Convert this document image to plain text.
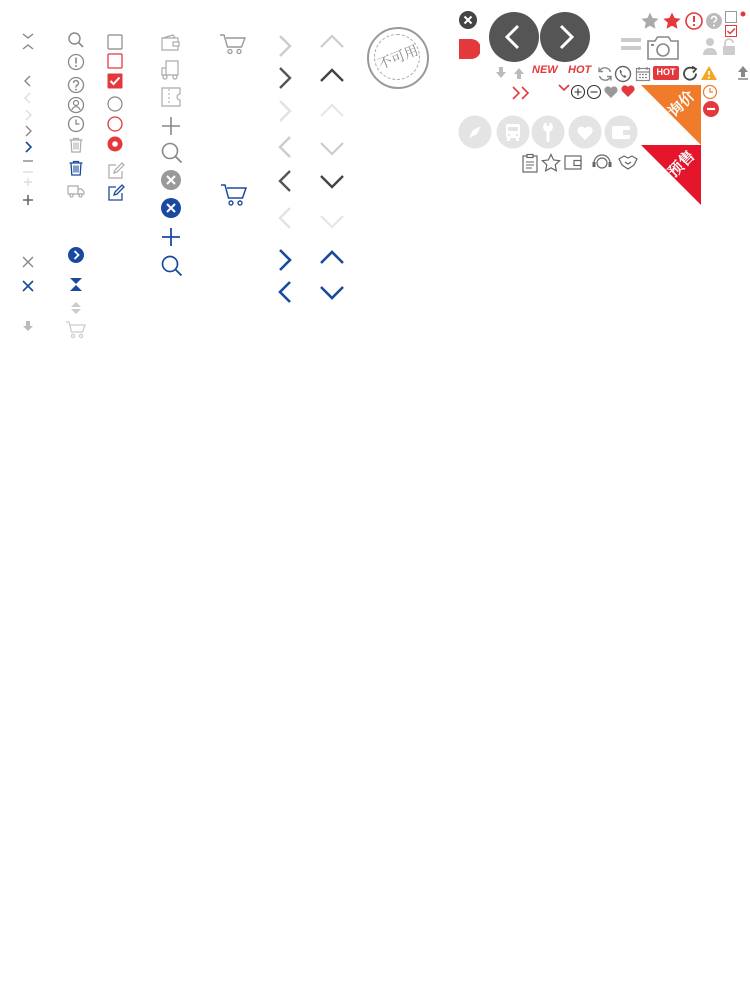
不可用	NEW HOT	HOT
询价
预售
